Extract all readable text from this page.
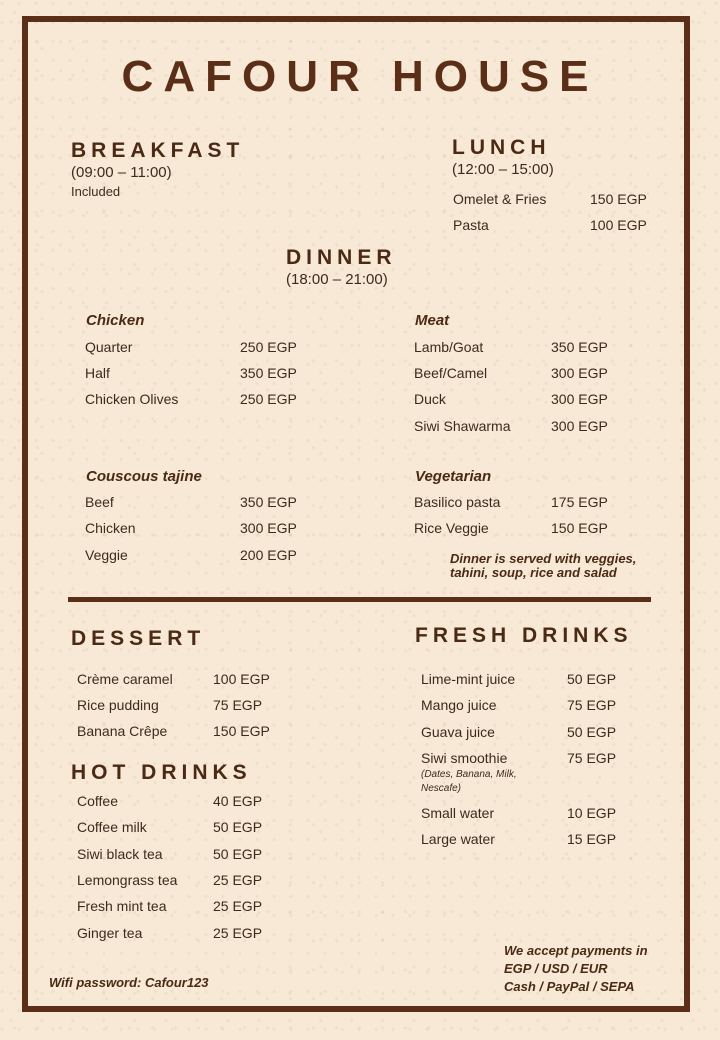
CAFOUR HOUSE
BREAKFAST
(09:00 – 11:00)
Included
LUNCH
(12:00 – 15:00)
Omelet & Fries	150 EGP
Pasta	100 EGP
DINNER
(18:00 – 21:00)
Chicken
Quarter	250 EGP
Half	350 EGP
Chicken Olives	250 EGP
Meat
Lamb/Goat	350 EGP
Beef/Camel	300 EGP
Duck	300 EGP
Siwi Shawarma	300 EGP
Couscous tajine
Beef	350 EGP
Chicken	300 EGP
Veggie	200 EGP
Vegetarian
Basilico pasta	175 EGP
Rice Veggie	150 EGP
Dinner is served with veggies,
tahini, soup, rice and salad
DESSERT
Crème caramel	100 EGP
Rice pudding	75 EGP
Banana Crêpe	150 EGP
HOT DRINKS
Coffee	40 EGP
Coffee milk	50 EGP
Siwi black tea	50 EGP
Lemongrass tea	25 EGP
Fresh mint tea	25 EGP
Ginger tea	25 EGP
FRESH DRINKS
Lime-mint juice	50 EGP
Mango juice	75 EGP
Guava juice	50 EGP
Siwi smoothie	75 EGP
(Dates, Banana, Milk,
Nescafe)
Small water	10 EGP
Large water	15 EGP
Wifi password: Cafour123
We accept payments in
EGP / USD / EUR
Cash / PayPal / SEPA
